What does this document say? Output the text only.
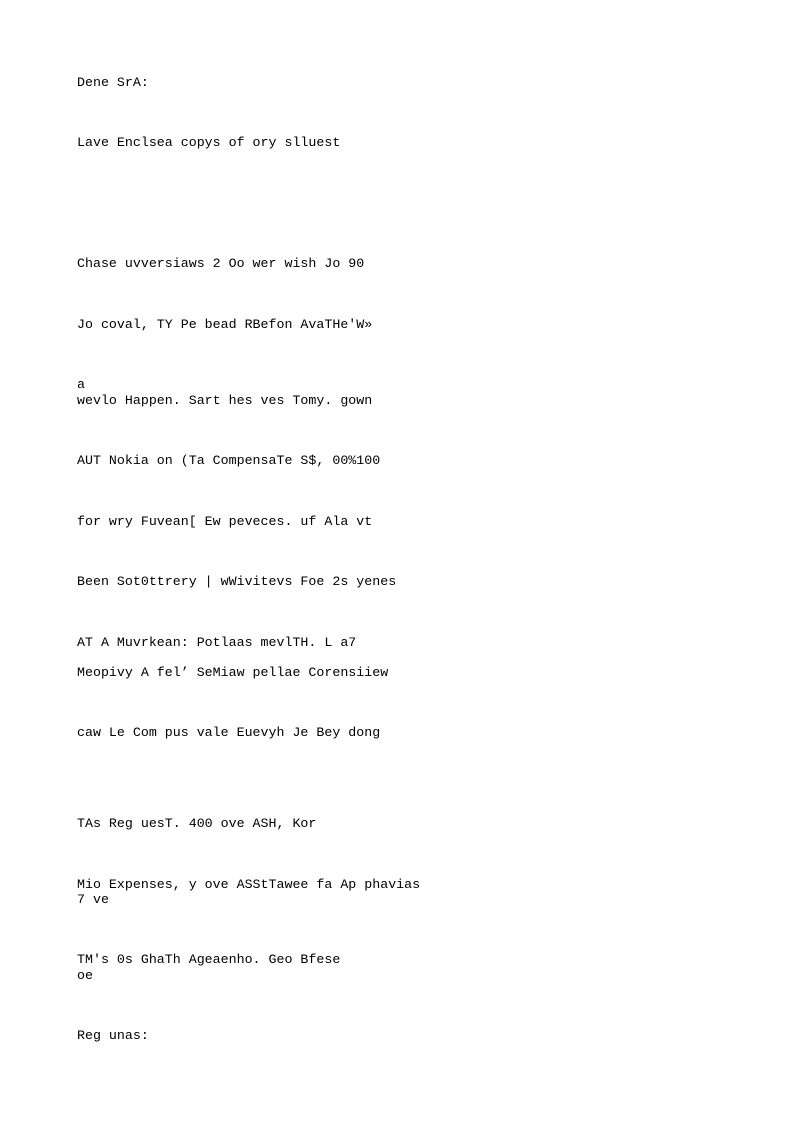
Dene SrA:
Lave Enclsea copys of ory slluest
Chase uvversiaws 2 Oo wer wish Jo 90
Jo coval, TY Pe bead RBefon AvaTHe'W»
a
wevlo Happen. Sart hes ves Tomy. gown
AUT Nokia on (Ta CompensaTe S$, 00%100
for wry Fuvean[ Ew peveces. uf Ala vt
Been Sot0ttrery | wWivitevs Foe 2s yenes
AT A Muvrkean: Potlaas mevlTH. L a7
Meopivy A fel’ SeMiaw pellae Corensiiew
caw Le Com pus vale Euevyh Je Bey dong
TAs Reg uesT. 400 ove ASH, Kor
Mio Expenses, y ove ASStTawee fa Ap phavias
7 ve
TM's 0s GhaTh Ageaenho. Geo Bfese
oe
Reg unas:
